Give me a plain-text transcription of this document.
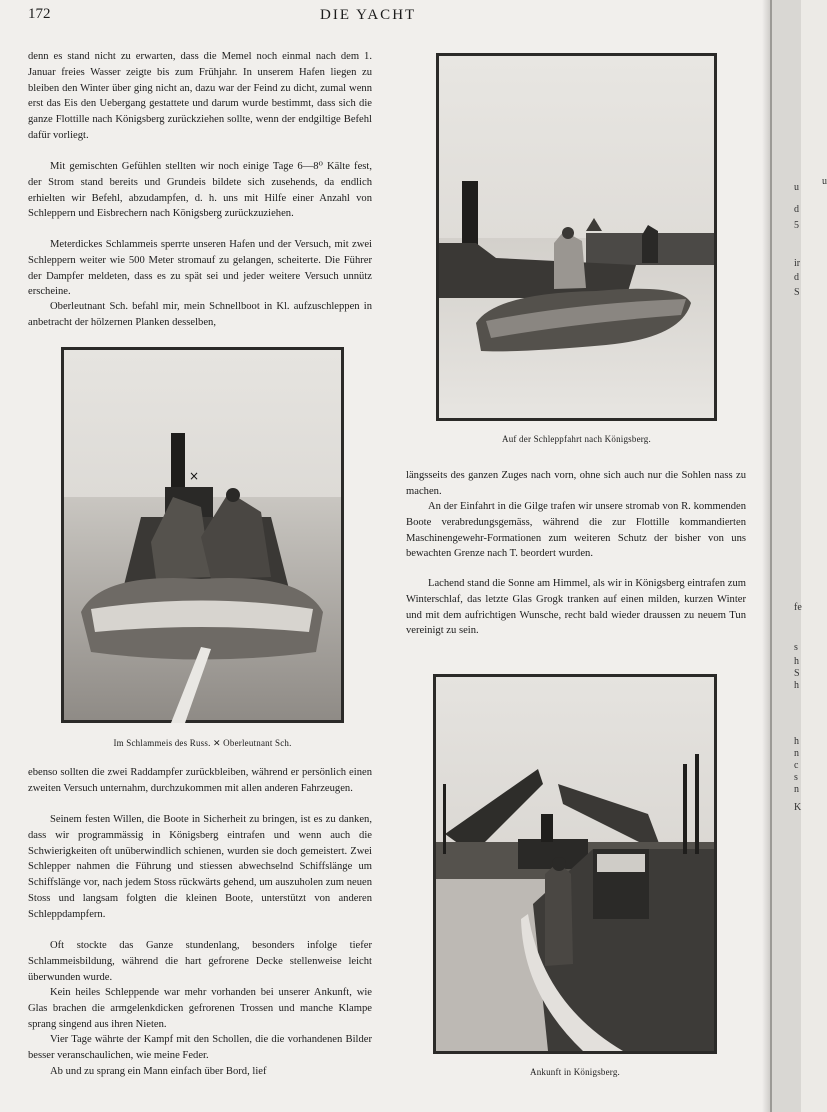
172	DIE YACHT

denn es stand nicht zu erwarten, dass die Memel noch einmal nach dem 1. Januar freies Wasser zeigte bis zum Frühjahr. In unserem Hafen liegen zu bleiben den Winter über ging nicht an, dazu war der Feind zu dicht, zumal wenn erst das Eis den Uebergang gestattete und darum wurde bestimmt, dass sich die ganze Flottille nach Königsberg zurückziehen sollte, wenn der endgiltige Befehl dafür vorliegt.

Mit gemischten Gefühlen stellten wir noch einige Tage 6—8⁰ Kälte fest, der Strom stand bereits und Grundeis bildete sich zusehends, da endlich erhielten wir Befehl, abzudampfen, d. h. uns mit Hilfe einer Anzahl von Schleppern und Eisbrechern nach Königsberg zurückzuziehen.

Meterdickes Schlammeis sperrte unseren Hafen und der Versuch, mit zwei Schleppern weiter wie 500 Meter stromauf zu gelangen, scheiterte. Die Führer der Dampfer meldeten, dass es zu spät sei und jeder weitere Versuch unnütz erscheine.

Oberleutnant Sch. befahl mir, mein Schnellboot in Kl. aufzuschleppen in anbetracht der hölzernen Planken desselben,

×
Im Schlammeis des Russ. ✕ Oberleutnant Sch.

ebenso sollten die zwei Raddampfer zurückbleiben, während er persönlich einen zweiten Versuch unternahm, durchzukommen mit allen anderen Fahrzeugen.

Seinem festen Willen, die Boote in Sicherheit zu bringen, ist es zu danken, dass wir programmässig in Königsberg eintrafen und wenn auch die Schwierigkeiten oft unüberwindlich schienen, wurden sie doch gemeistert. Zwei Schlepper nahmen die Führung und stiessen abwechselnd Schiffslänge um Schiffslänge vor, nach jedem Stoss rückwärts gehend, um auszuholen zum neuen Stoss und langsam folgten die kleinen Boote, unterstützt von anderen Schleppdampfern.

Oft stockte das Ganze stundenlang, besonders infolge tiefer Schlammeisbildung, während die hart gefrorene Decke stellenweise leicht überwunden wurde.

Kein heiles Schleppende war mehr vorhanden bei unserer Ankunft, wie Glas brachen die armgelenkdicken gefrorenen Trossen und manche Klampe sprang singend aus ihren Nieten.

Vier Tage währte der Kampf mit den Schollen, die die vorhandenen Bilder besser veranschaulichen, wie meine Feder.

Ab und zu sprang ein Mann einfach über Bord, lief

Auf der Schleppfahrt nach Königsberg.

längsseits des ganzen Zuges nach vorn, ohne sich auch nur die Sohlen nass zu machen.

An der Einfahrt in die Gilge trafen wir unsere stromab von R. kommenden Boote verabredungsgemäss, während die zur Flottille kommandierten Maschinengewehr-Formationen zum weiteren Schutz der bisher von uns bewachten Grenze nach T. beordert wurden.

Lachend stand die Sonne am Himmel, als wir in Königsberg eintrafen zum Winterschlaf, das letzte Glas Grogk tranken auf einen milden, kurzen Winter und mit dem aufrichtigen Wunsche, recht bald wieder draussen zu neuem Tun vereinigt zu sein.

Ankunft in Königsberg.
u
u
d
5
ir
d
S
fe
s
h
S
h
h
n
c
s
n
K
